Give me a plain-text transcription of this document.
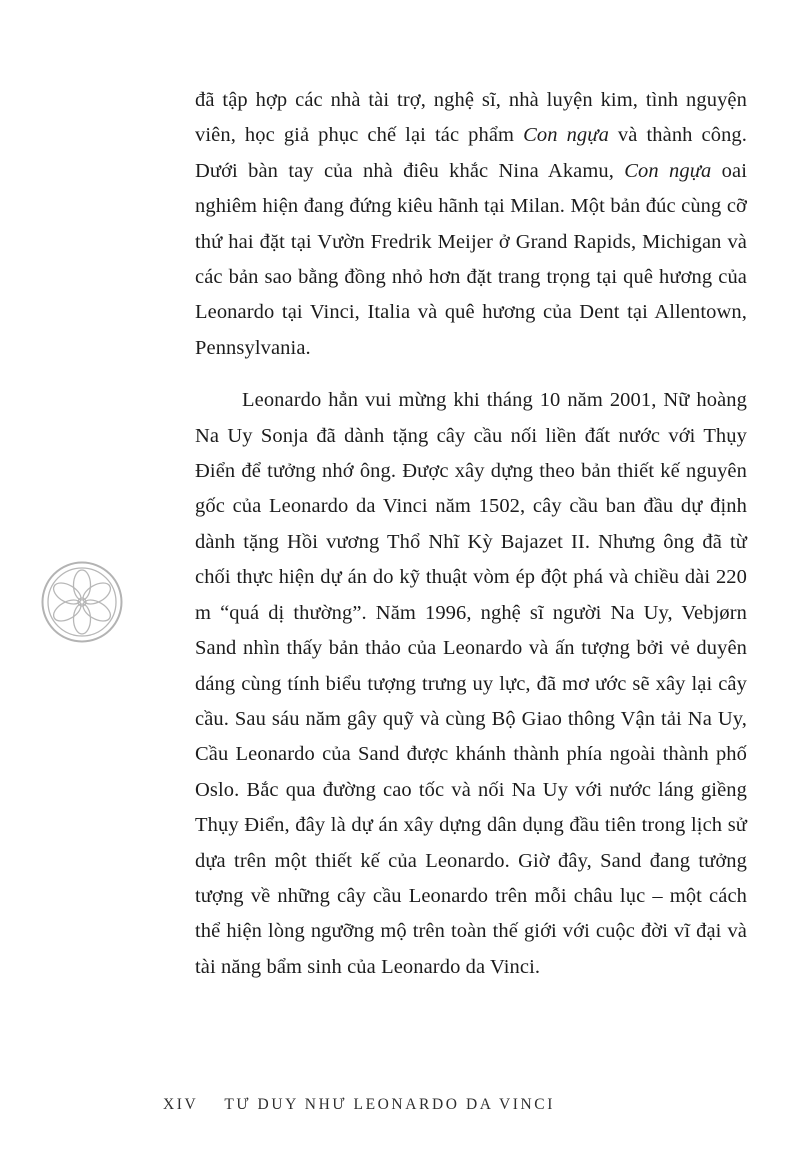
đã tập hợp các nhà tài trợ, nghệ sĩ, nhà luyện kim, tình nguyện viên, học giả phục chế lại tác phẩm Con ngựa và thành công. Dưới bàn tay của nhà điêu khắc Nina Akamu, Con ngựa oai nghiêm hiện đang đứng kiêu hãnh tại Milan. Một bản đúc cùng cỡ thứ hai đặt tại Vườn Fredrik Meijer ở Grand Rapids, Michigan và các bản sao bằng đồng nhỏ hơn đặt trang trọng tại quê hương của Leonardo tại Vinci, Italia và quê hương của Dent tại Allentown, Pennsylvania.

Leonardo hẳn vui mừng khi tháng 10 năm 2001, Nữ hoàng Na Uy Sonja đã dành tặng cây cầu nối liền đất nước với Thụy Điển để tưởng nhớ ông. Được xây dựng theo bản thiết kế nguyên gốc của Leonardo da Vinci năm 1502, cây cầu ban đầu dự định dành tặng Hồi vương Thổ Nhĩ Kỳ Bajazet II. Nhưng ông đã từ chối thực hiện dự án do kỹ thuật vòm ép đột phá và chiều dài 220 m “quá dị thường”. Năm 1996, nghệ sĩ người Na Uy, Vebjørn Sand nhìn thấy bản thảo của Leonardo và ấn tượng bởi vẻ duyên dáng cùng tính biểu tượng trưng uy lực, đã mơ ước sẽ xây lại cây cầu. Sau sáu năm gây quỹ và cùng Bộ Giao thông Vận tải Na Uy, Cầu Leonardo của Sand được khánh thành phía ngoài thành phố Oslo. Bắc qua đường cao tốc và nối Na Uy với nước láng giềng Thụy Điển, đây là dự án xây dựng dân dụng đầu tiên trong lịch sử dựa trên một thiết kế của Leonardo. Giờ đây, Sand đang tưởng tượng về những cây cầu Leonardo trên mỗi châu lục – một cách thể hiện lòng ngưỡng mộ trên toàn thế giới với cuộc đời vĩ đại và tài năng bẩm sinh của Leonardo da Vinci.

XIV TƯ DUY NHƯ LEONARDO DA VINCI
